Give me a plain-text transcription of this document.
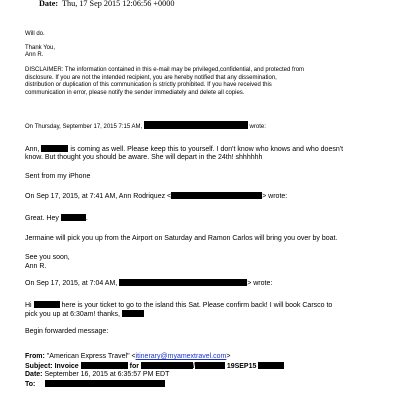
Date: Thu, 17 Sep 2015 12:06:56 +0000
Will do.
Thank You,
Ann R.
DISCLAIMER: The information contained in this e-mail may be privileged,confidential, and protected from
disclosure. If you are not the intended recipient, you are hereby notified that any dissemination,
distribution or duplication of this communication is strictly prohibited. If you have received this
communication in error, please notify the sender immediately and delete all copies.
On Thursday, September 17, 2015 7:15 AM,	wrote:
Ann,	is coming as well. Please keep this to yourself. I don't know who knows and who doesn't
know. But thought you should be aware. She will depart in the 24th! shhhhhh
Sent from my iPhone
On Sep 17, 2015, at 7:41 AM, Ann Rodriquez <	> wrote:
Great. Hey	.
Jermaine will pick you up from the Airport on Saturday and Ramon Carlos will bring you over by boat.
See you soon,
Ann R.
On Sep 17, 2015, at 7:04 AM,	> wrote:
Hi	here is your ticket to go to the island this Sat. Please confirm back! I will book Carsco to
pick you up at 6:30am! thanks,
Begin forwarded message:
From: "American Express Travel" <itinerary@myamextravel.com>
Subject: Invoice	for	19SEP15
Date: September 16, 2015 at 6:35:57 PM EDT
To:
